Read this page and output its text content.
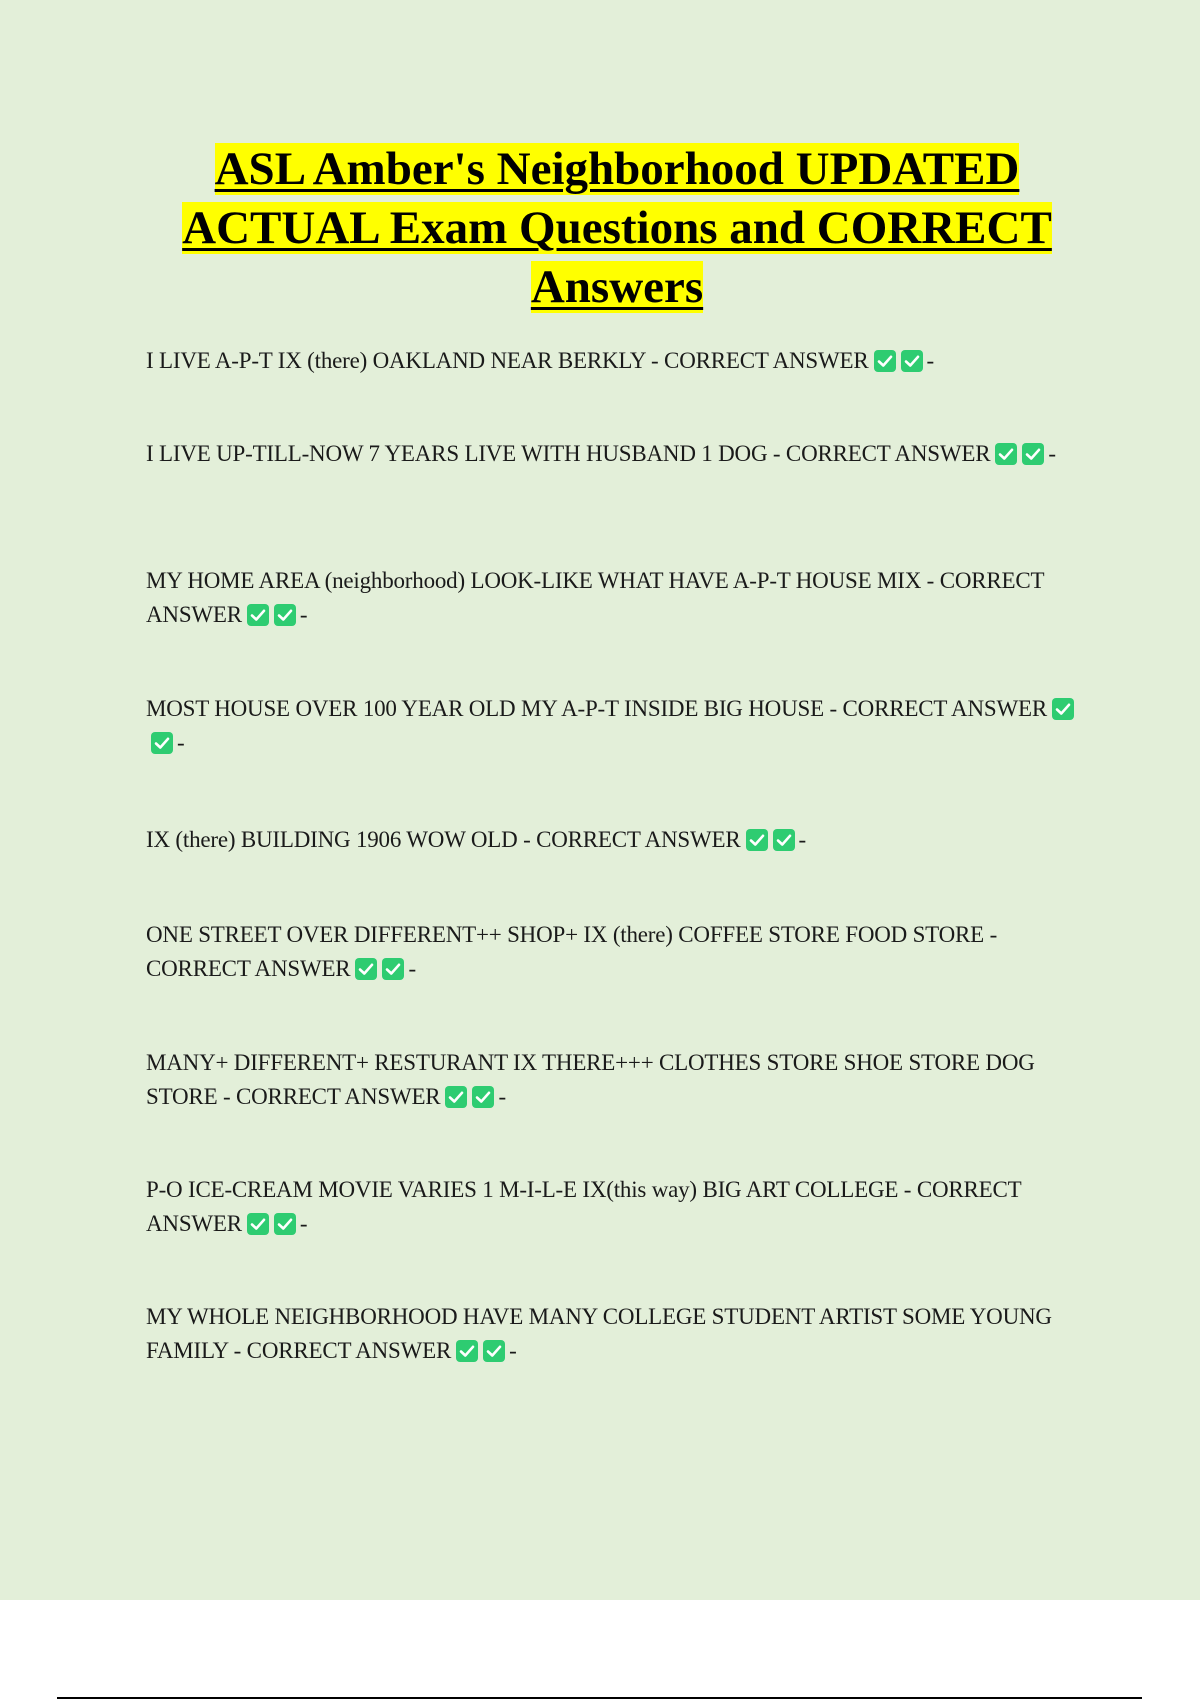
ASL Amber's Neighborhood UPDATED ACTUAL Exam Questions and CORRECT Answers
I LIVE A-P-T IX (there) OAKLAND NEAR BERKLY - CORRECT ANSWER	-
I LIVE UP-TILL-NOW 7 YEARS LIVE WITH HUSBAND 1 DOG - CORRECT ANSWER	-
MY HOME AREA (neighborhood) LOOK-LIKE WHAT HAVE A-P-T HOUSE MIX - CORRECT ANSWER	-
MOST HOUSE OVER 100 YEAR OLD MY A-P-T INSIDE BIG HOUSE - CORRECT ANSWER
-
IX (there) BUILDING 1906 WOW OLD - CORRECT ANSWER	-
ONE STREET OVER DIFFERENT++ SHOP+ IX (there) COFFEE STORE FOOD STORE - CORRECT ANSWER	-
MANY+ DIFFERENT+ RESTURANT IX THERE+++ CLOTHES STORE SHOE STORE DOG STORE - CORRECT ANSWER	-
P-O ICE-CREAM MOVIE VARIES 1 M-I-L-E IX(this way) BIG ART COLLEGE - CORRECT ANSWER	-
MY WHOLE NEIGHBORHOOD HAVE MANY COLLEGE STUDENT ARTIST SOME YOUNG FAMILY - CORRECT ANSWER	-
